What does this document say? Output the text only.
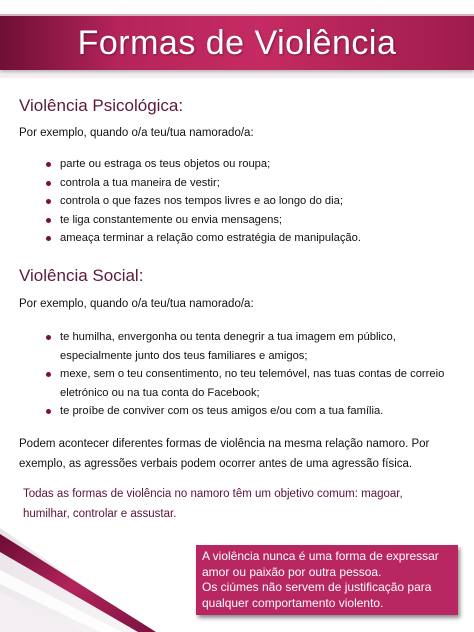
Formas de Violência
Violência Psicológica:
Por exemplo, quando o/a teu/tua namorado/a:
parte ou estraga os teus objetos ou roupa;
controla a tua maneira de vestir;
controla o que fazes nos tempos livres e ao longo do dia;
te liga constantemente ou envia mensagens;
ameaça terminar a relação como estratégia de manipulação.
Violência Social:
Por exemplo, quando o/a teu/tua namorado/a:
te humilha, envergonha ou tenta denegrir a tua imagem em público,
especialmente junto dos teus familiares e amigos;
mexe, sem o teu consentimento, no teu telemóvel, nas tuas contas de correio
eletrónico ou na tua conta do Facebook;
te proíbe de conviver com os teus amigos e/ou com a tua família.
Podem acontecer diferentes formas de violência na mesma relação namoro. Por
exemplo, as agressões verbais podem ocorrer antes de uma agressão física.
Todas as formas de violência no namoro têm um objetivo comum: magoar,
humilhar, controlar e assustar.
A violência nunca é uma forma de expressar
amor ou paixão por outra pessoa.
Os ciúmes não servem de justificação para
qualquer comportamento violento.
